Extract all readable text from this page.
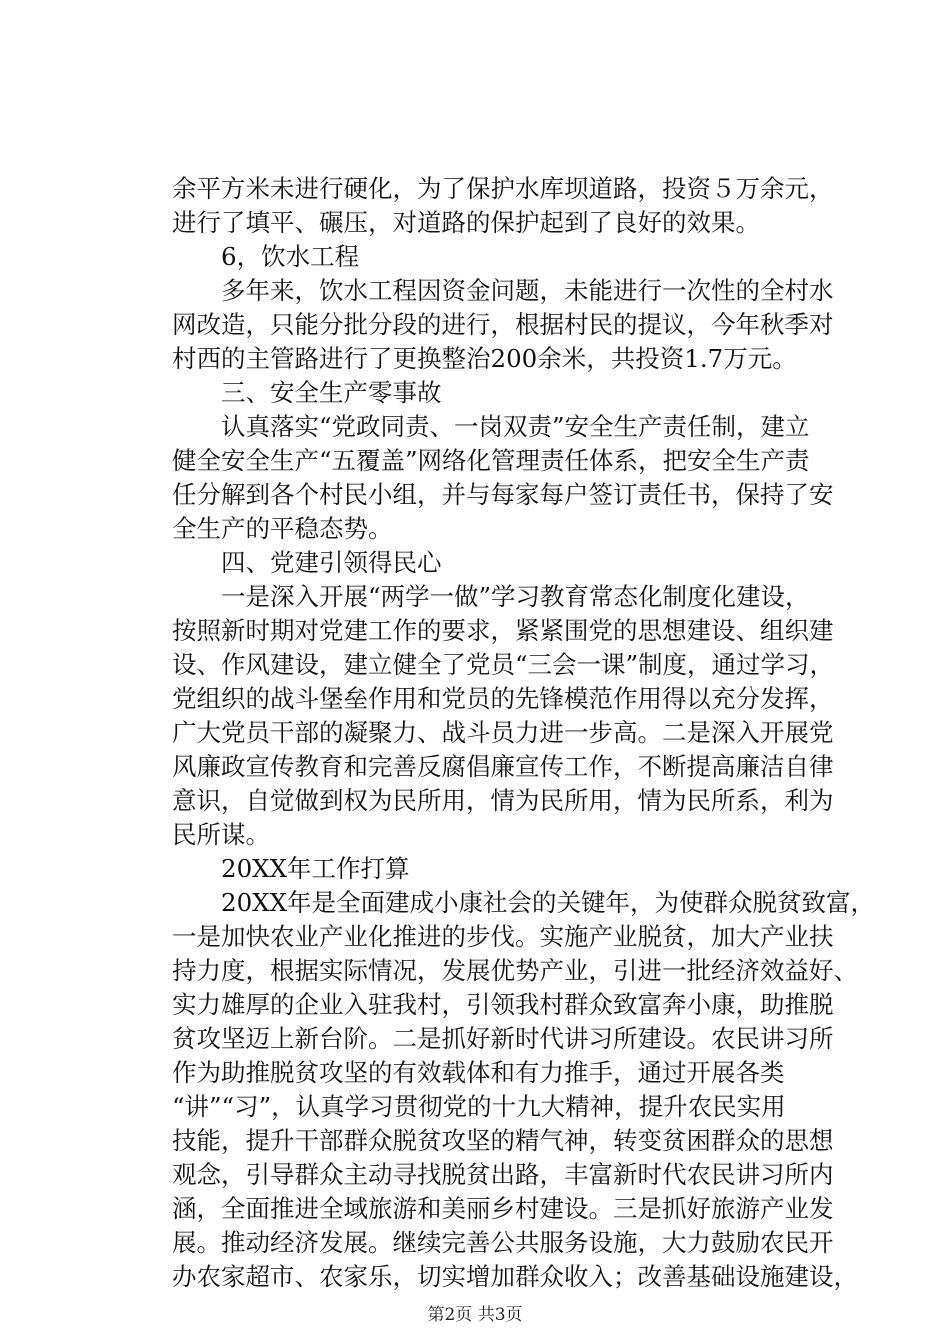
余平方米未进行硬化，为了保护水库坝道路，投资５万余元，
进行了填平、碾压，对道路的保护起到了良好的效果。
　　6，饮水工程
　　多年来，饮水工程因资金问题，未能进行一次性的全村水
网改造，只能分批分段的进行，根据村民的提议，今年秋季对
村西的主管路进行了更换整治200余米，共投资1.7万元。
　　三、安全生产零事故
　　认真落实“党政同责、一岗双责”安全生产责任制，建立
健全安全生产“五覆盖”网络化管理责任体系，把安全生产责
任分解到各个村民小组，并与每家每户签订责任书，保持了安
全生产的平稳态势。
　　四、党建引领得民心
　　一是深入开展“两学一做”学习教育常态化制度化建设，
按照新时期对党建工作的要求，紧紧围党的思想建设、组织建
设、作风建设，建立健全了党员“三会一课”制度，通过学习，
党组织的战斗堡垒作用和党员的先锋模范作用得以充分发挥，
广大党员干部的凝聚力、战斗员力进一步高。二是深入开展党
风廉政宣传教育和完善反腐倡廉宣传工作，不断提高廉洁自律
意识，自觉做到权为民所用，情为民所用，情为民所系，利为
民所谋。
　　20XX年工作打算
　　20XX年是全面建成小康社会的关键年，为使群众脱贫致富，
一是加快农业产业化推进的步伐。实施产业脱贫，加大产业扶
持力度，根据实际情况，发展优势产业，引进一批经济效益好、
实力雄厚的企业入驻我村，引领我村群众致富奔小康，助推脱
贫攻坚迈上新台阶。二是抓好新时代讲习所建设。农民讲习所
作为助推脱贫攻坚的有效载体和有力推手，通过开展各类
“讲”“习”，认真学习贯彻党的十九大精神，提升农民实用
技能，提升干部群众脱贫攻坚的精气神，转变贫困群众的思想
观念，引导群众主动寻找脱贫出路，丰富新时代农民讲习所内
涵，全面推进全域旅游和美丽乡村建设。三是抓好旅游产业发
展。推动经济发展。继续完善公共服务设施，大力鼓励农民开
办农家超市、农家乐，切实增加群众收入；改善基础设施建设，
第2页 共3页
